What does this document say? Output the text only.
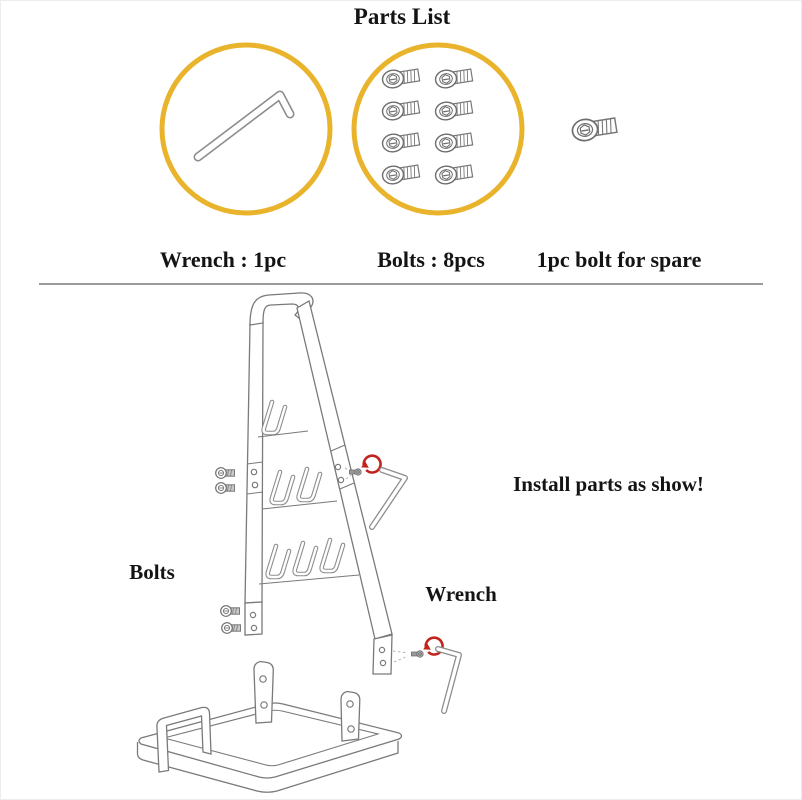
Parts List
Wrench : 1pc	Bolts : 8pcs	1pc bolt for spare
Bolts
Wrench
Install parts as show!
